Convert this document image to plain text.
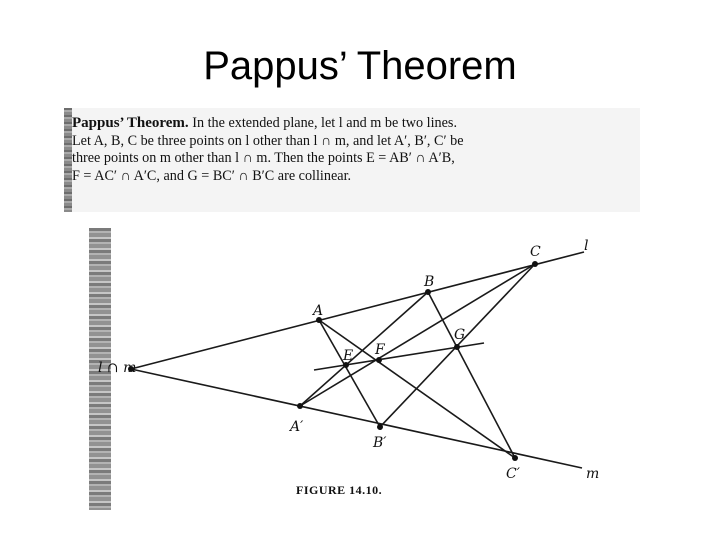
Pappus’ Theorem
Pappus’ Theorem. In the extended plane, let l and m be two lines.
Let A, B, C be three points on l other than l ∩ m, and let A′, B′, C′ be
three points on m other than l ∩ m. Then the points E = AB′ ∩ A′B,
F = AC′ ∩ A′C, and G = BC′ ∩ B′C are collinear.
l ∩ m
A
B
C	l
A′
B′
C′	m
E F
G
FIGURE 14.10.
